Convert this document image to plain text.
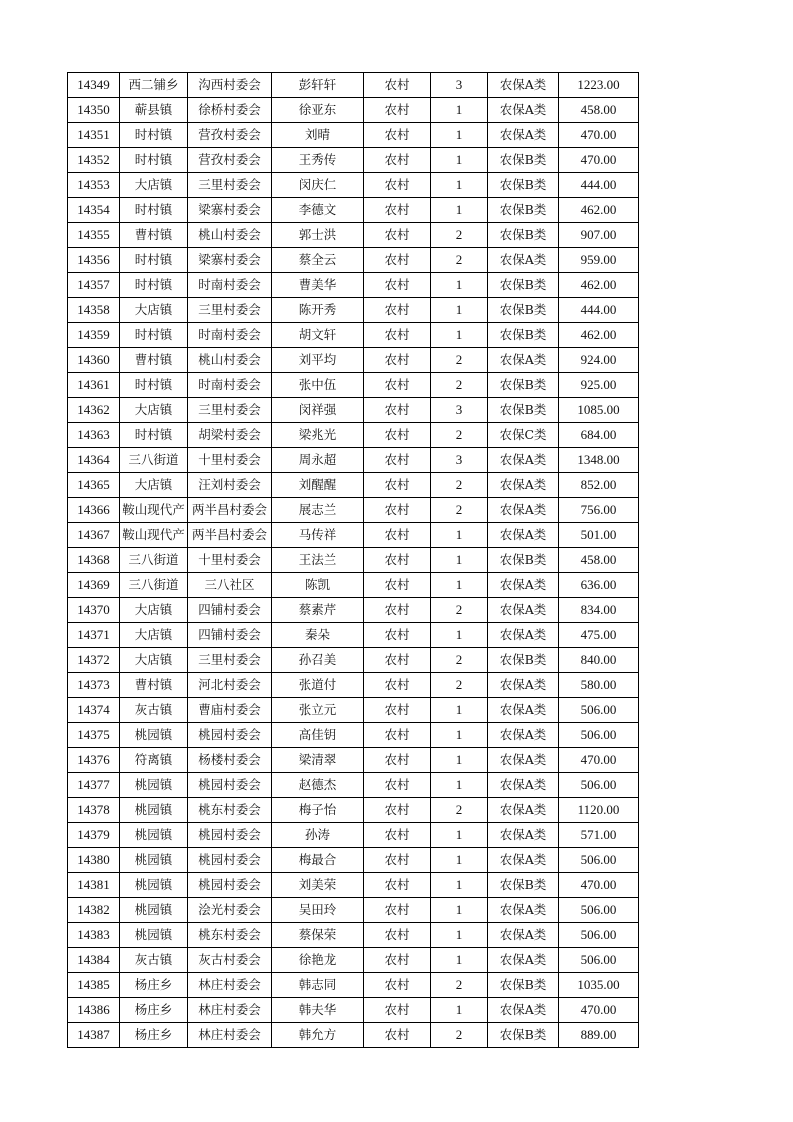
14349	西二铺乡	沟西村委会	彭轩轩	农村	3	农保A类	1223.00
14350	蕲县镇	徐桥村委会	徐亚东	农村	1	农保A类	458.00
14351	时村镇	营孜村委会	刘晴	农村	1	农保A类	470.00
14352	时村镇	营孜村委会	王秀传	农村	1	农保B类	470.00
14353	大店镇	三里村委会	闵庆仁	农村	1	农保B类	444.00
14354	时村镇	梁寨村委会	李德文	农村	1	农保B类	462.00
14355	曹村镇	桃山村委会	郭士洪	农村	2	农保B类	907.00
14356	时村镇	梁寨村委会	蔡全云	农村	2	农保A类	959.00
14357	时村镇	时南村委会	曹美华	农村	1	农保B类	462.00
14358	大店镇	三里村委会	陈开秀	农村	1	农保B类	444.00
14359	时村镇	时南村委会	胡文轩	农村	1	农保B类	462.00
14360	曹村镇	桃山村委会	刘平均	农村	2	农保A类	924.00
14361	时村镇	时南村委会	张中伍	农村	2	农保B类	925.00
14362	大店镇	三里村委会	闵祥强	农村	3	农保B类	1085.00
14363	时村镇	胡梁村委会	梁兆光	农村	2	农保C类	684.00
14364	三八街道	十里村委会	周永超	农村	3	农保A类	1348.00
14365	大店镇	汪刘村委会	刘醒醒	农村	2	农保A类	852.00
14366	鞍山现代产	两半昌村委会	展志兰	农村	2	农保A类	756.00
14367	鞍山现代产	两半昌村委会	马传祥	农村	1	农保A类	501.00
14368	三八街道	十里村委会	王法兰	农村	1	农保B类	458.00
14369	三八街道	三八社区	陈凯	农村	1	农保A类	636.00
14370	大店镇	四铺村委会	蔡素芹	农村	2	农保A类	834.00
14371	大店镇	四铺村委会	秦朵	农村	1	农保A类	475.00
14372	大店镇	三里村委会	孙召美	农村	2	农保B类	840.00
14373	曹村镇	河北村委会	张道付	农村	2	农保A类	580.00
14374	灰古镇	曹庙村委会	张立元	农村	1	农保A类	506.00
14375	桃园镇	桃园村委会	高佳钥	农村	1	农保A类	506.00
14376	符离镇	杨楼村委会	梁清翠	农村	1	农保A类	470.00
14377	桃园镇	桃园村委会	赵德杰	农村	1	农保A类	506.00
14378	桃园镇	桃东村委会	梅子怡	农村	2	农保A类	1120.00
14379	桃园镇	桃园村委会	孙涛	农村	1	农保A类	571.00
14380	桃园镇	桃园村委会	梅最合	农村	1	农保A类	506.00
14381	桃园镇	桃园村委会	刘美荣	农村	1	农保B类	470.00
14382	桃园镇	浍光村委会	吴田玲	农村	1	农保A类	506.00
14383	桃园镇	桃东村委会	蔡保荣	农村	1	农保A类	506.00
14384	灰古镇	灰古村委会	徐艳龙	农村	1	农保A类	506.00
14385	杨庄乡	林庄村委会	韩志同	农村	2	农保B类	1035.00
14386	杨庄乡	林庄村委会	韩夫华	农村	1	农保A类	470.00
14387	杨庄乡	林庄村委会	韩允方	农村	2	农保B类	889.00
